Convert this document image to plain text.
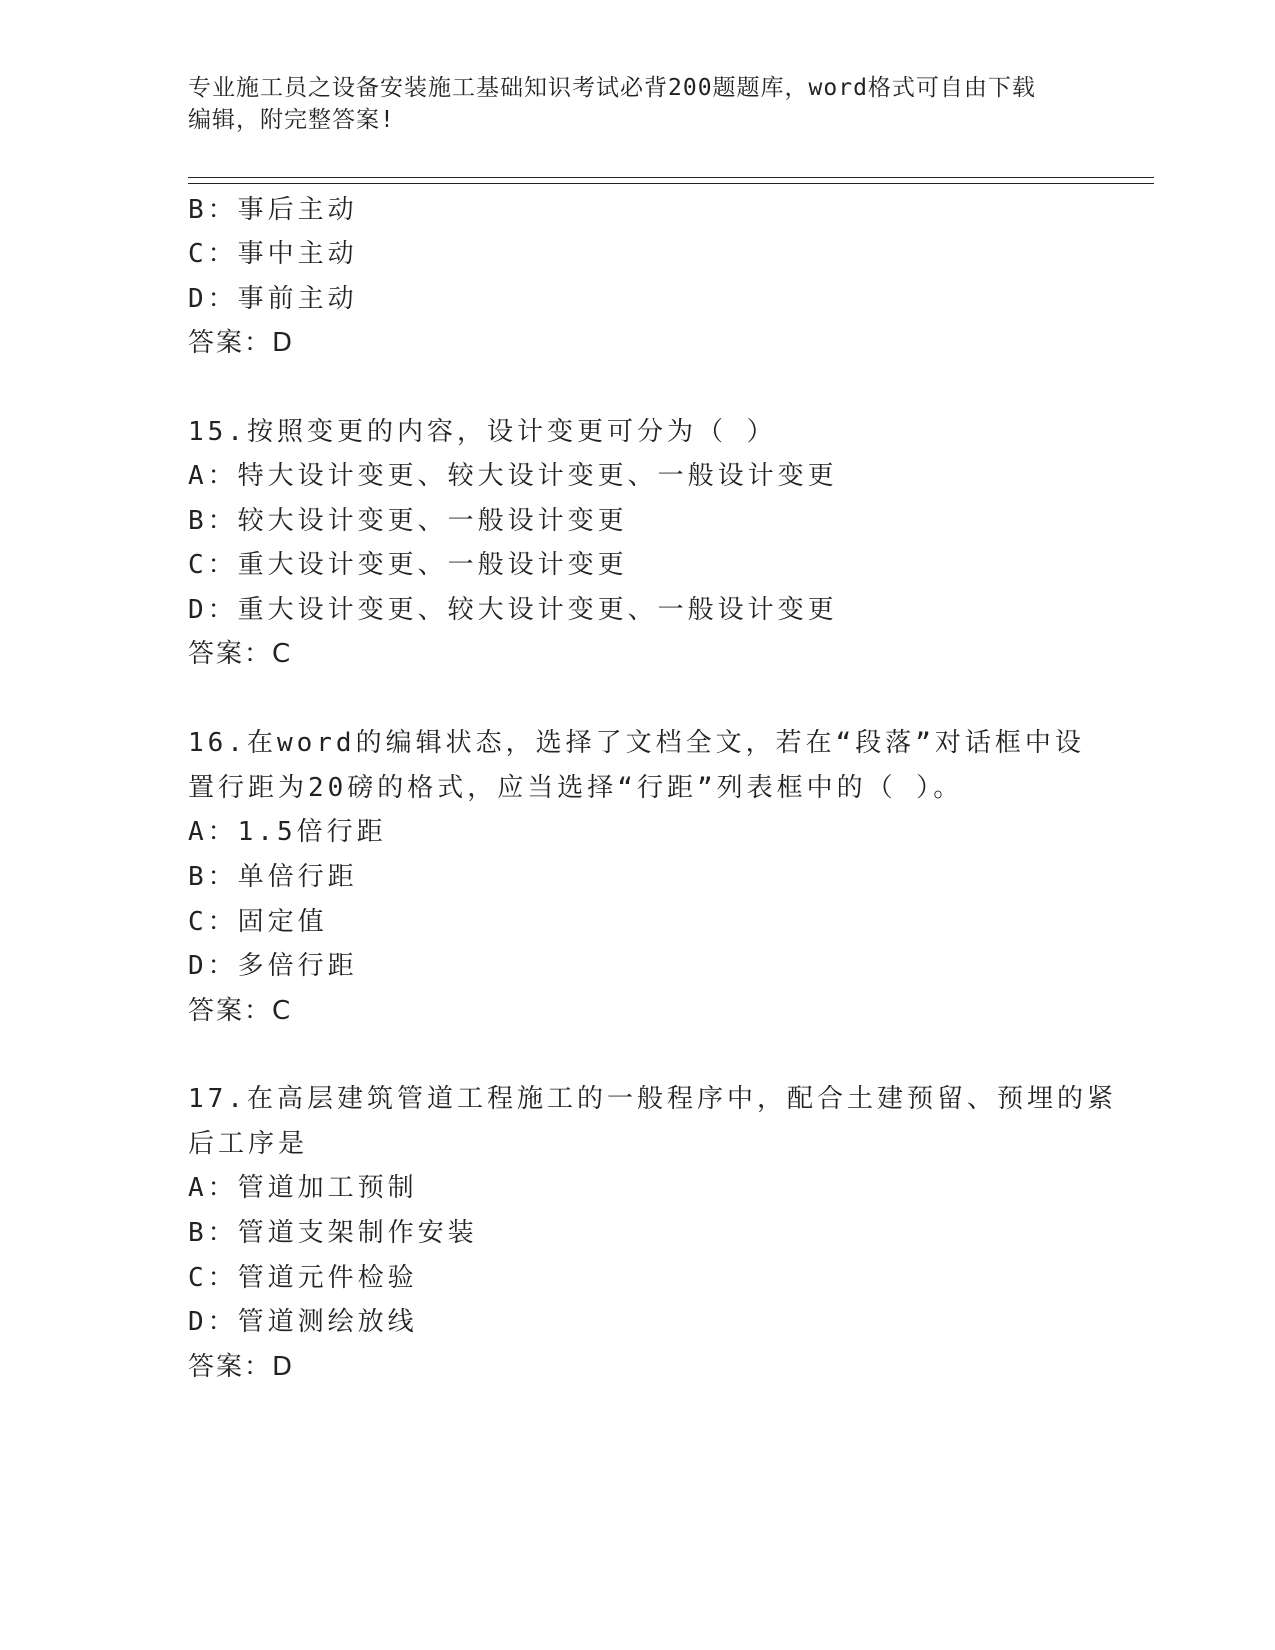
专业施工员之设备安装施工基础知识考试必背200题题库，word格式可自由下载
编辑，附完整答案!
B：事后主动
C：事中主动
D：事前主动
答案：D
15.按照变更的内容，设计变更可分为（ ）
A：特大设计变更、较大设计变更、一般设计变更
B：较大设计变更、一般设计变更
C：重大设计变更、一般设计变更
D：重大设计变更、较大设计变更、一般设计变更
答案：C
16.在word的编辑状态，选择了文档全文，若在“段落”对话框中设
置行距为20磅的格式，应当选择“行距”列表框中的（ ）。
A：1.5倍行距
B：单倍行距
C：固定值
D：多倍行距
答案：C
17.在高层建筑管道工程施工的一般程序中，配合土建预留、预埋的紧
后工序是
A：管道加工预制
B：管道支架制作安装
C：管道元件检验
D：管道测绘放线
答案：D
